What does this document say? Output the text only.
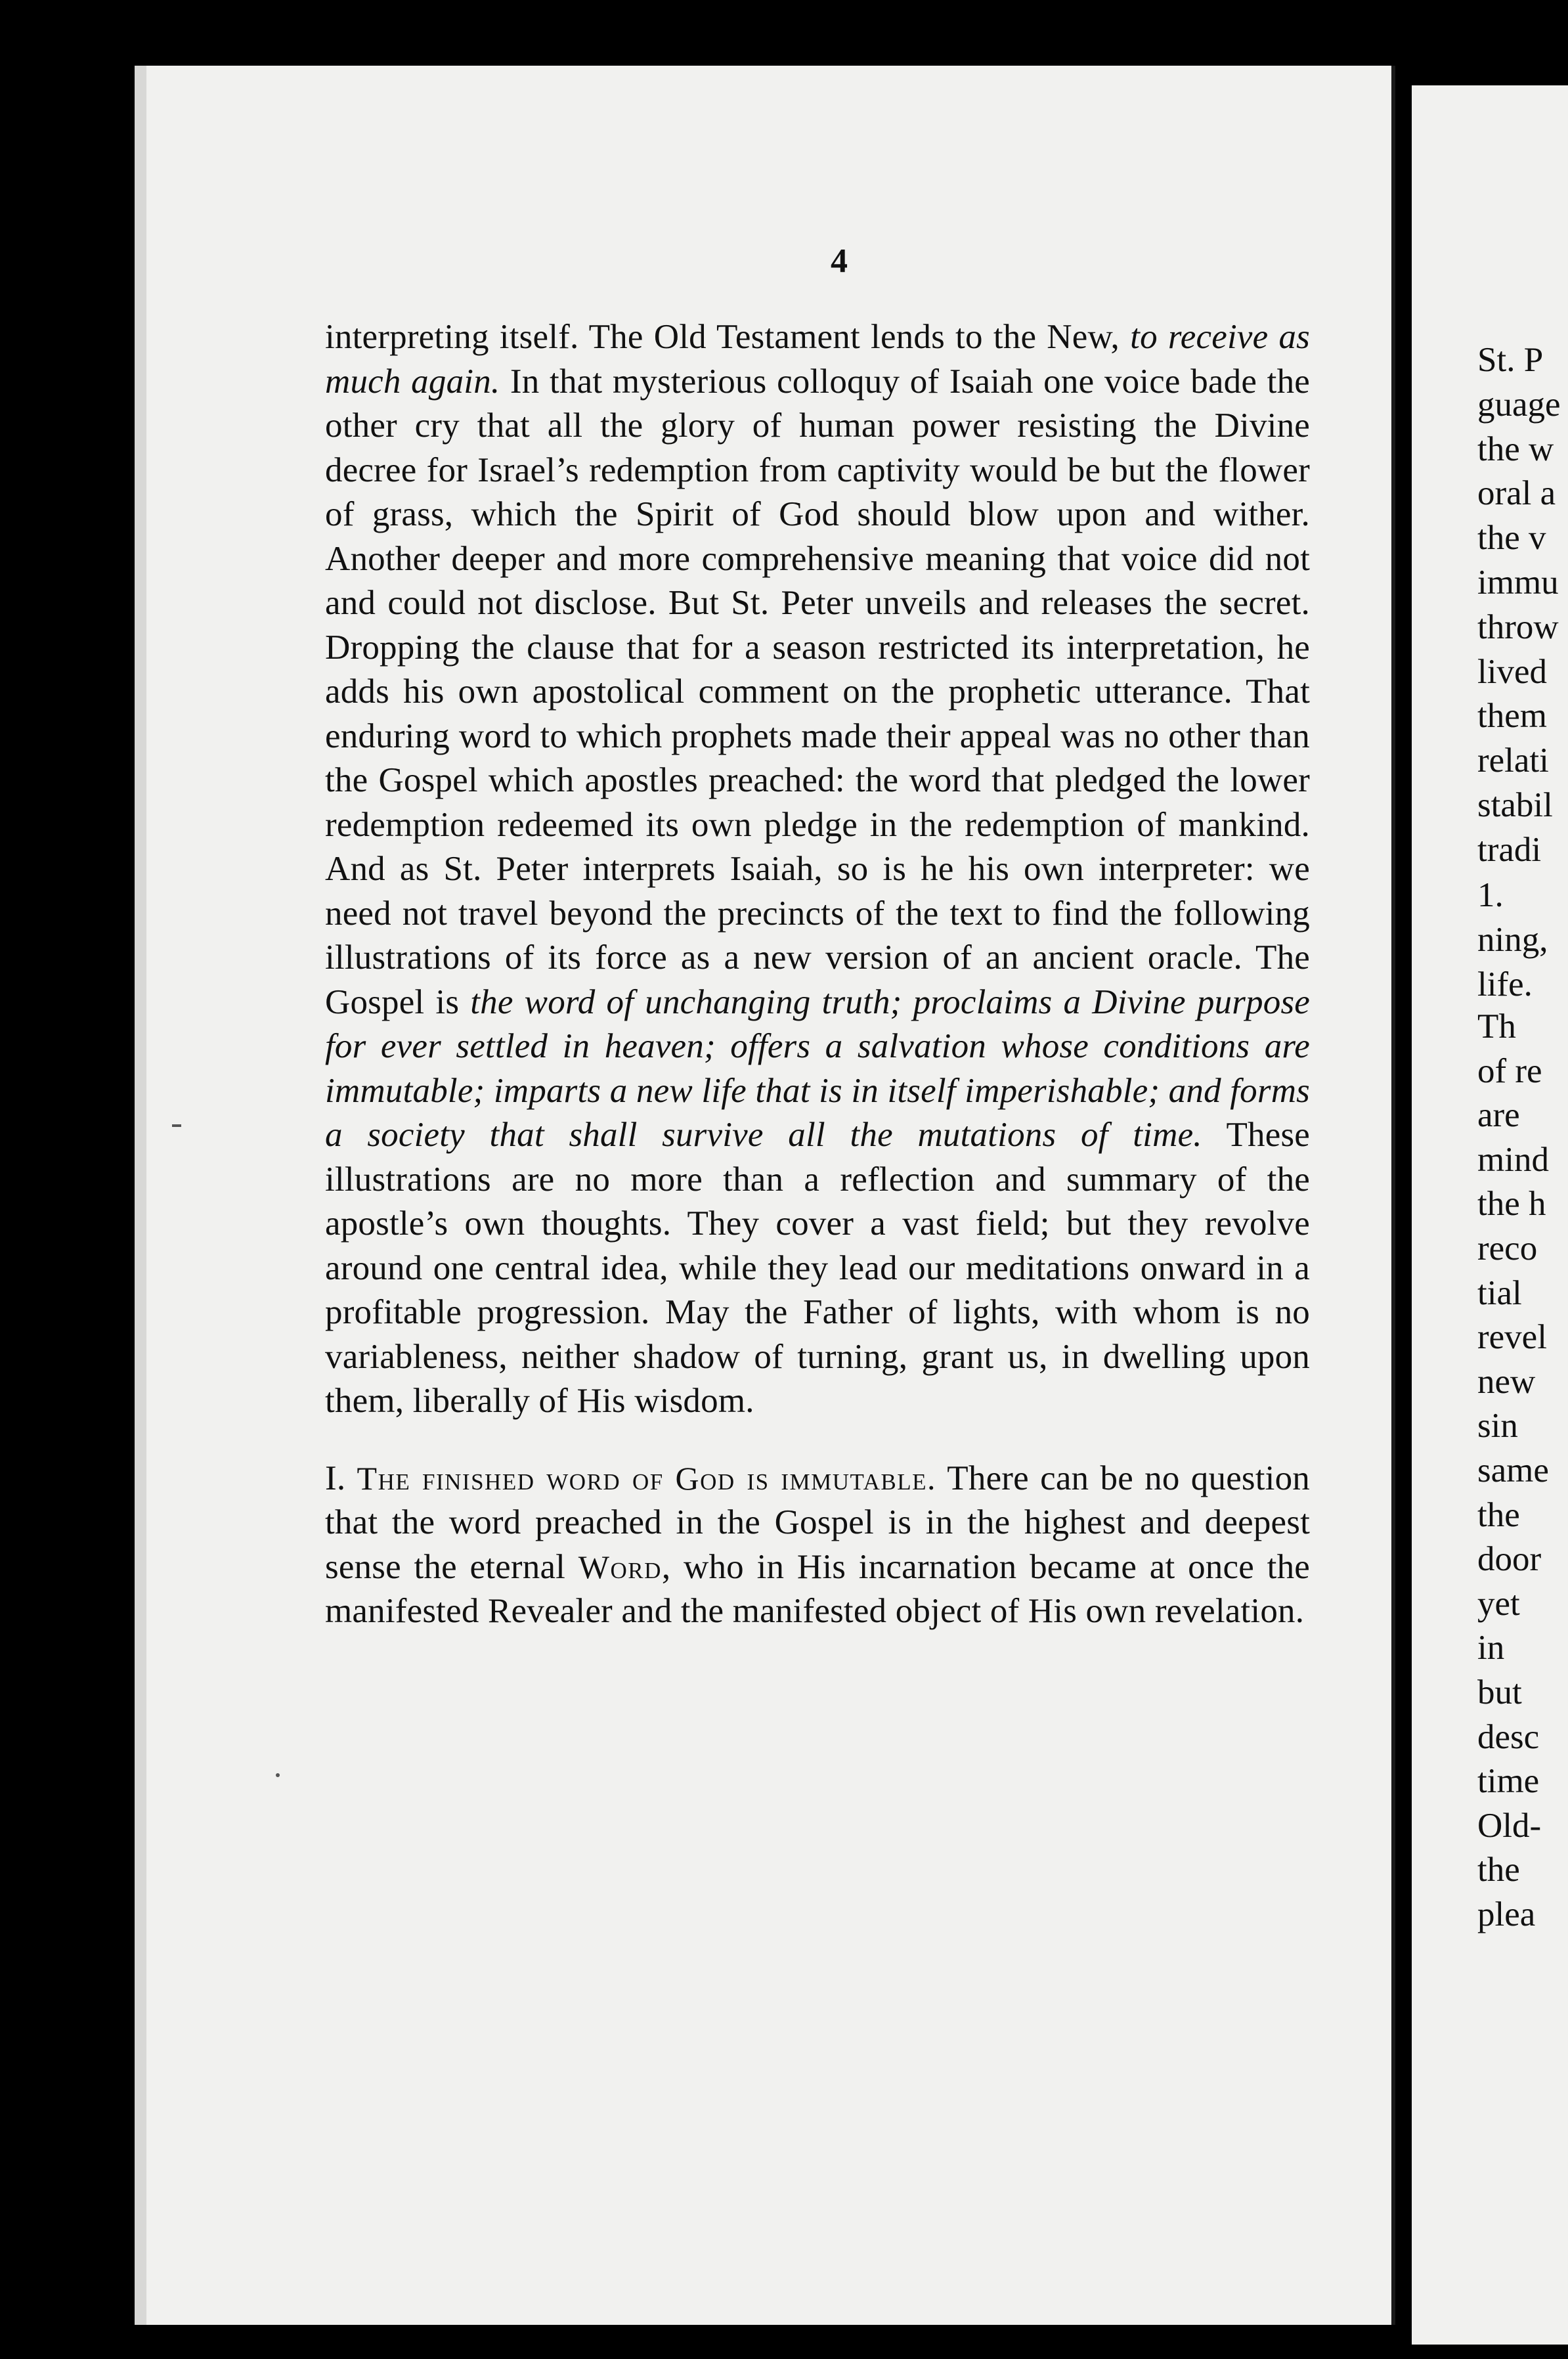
4

interpreting itself. The Old Testament lends to the New, to receive as much again. In that mysterious colloquy of Isaiah one voice bade the other cry that all the glory of human power resisting the Divine decree for Israel’s redemption from captivity would be but the flower of grass, which the Spirit of God should blow upon and wither. Another deeper and more comprehensive meaning that voice did not and could not disclose. But St. Peter unveils and releases the secret. Dropping the clause that for a season restricted its interpretation, he adds his own apostolical comment on the prophetic utterance. That enduring word to which prophets made their appeal was no other than the Gospel which apostles preached: the word that pledged the lower redemption redeemed its own pledge in the redemption of mankind. And as St. Peter interprets Isaiah, so is he his own interpreter: we need not travel beyond the precincts of the text to find the following illustrations of its force as a new version of an ancient oracle. The Gospel is the word of unchanging truth; proclaims a Divine purpose for ever settled in heaven; offers a salvation whose conditions are immutable; imparts a new life that is in itself imperishable; and forms a society that shall survive all the mutations of time. These illustrations are no more than a reflection and summary of the apostle’s own thoughts. They cover a vast field; but they revolve around one central idea, while they lead our meditations onward in a profitable progression. May the Father of lights, with whom is no variableness, neither shadow of turning, grant us, in dwelling upon them, liberally of His wisdom.

I. The finished word of God is immutable. There can be no question that the word preached in the Gospel is in the highest and deepest sense the eternal Word, who in His incarnation became at once the manifested Revealer and the manifested object of His own revelation.

St. P
guage
the w
oral a
the v
immu
throw
lived
them
relati
stabil
tradi
1.
ning,
life.
Th
of re
are
mind
the h
reco
tial
revel
new
sin
same
the
door
yet
in
but
desc
time
Old-
the
plea
